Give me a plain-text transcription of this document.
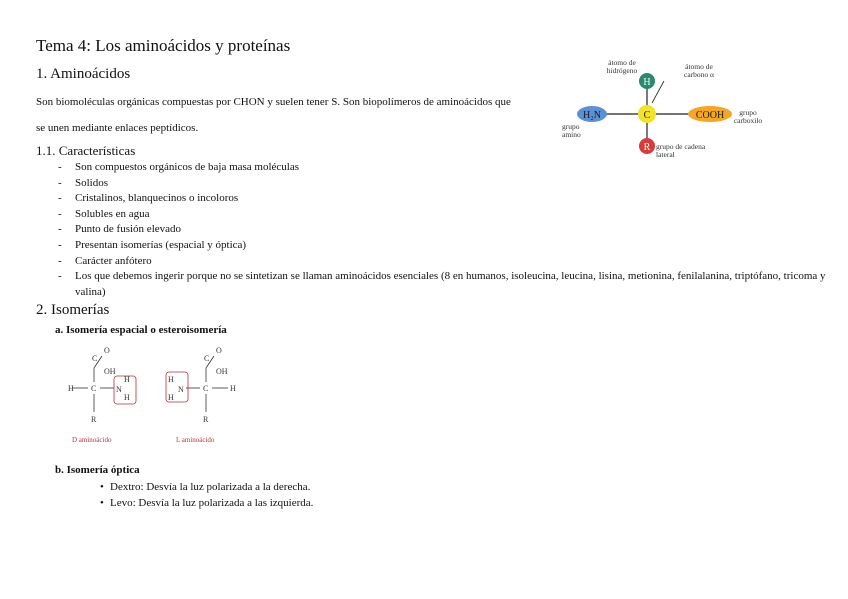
Tema 4: Los aminoácidos y proteínas
1. Aminoácidos
Son biomoléculas orgánicas compuestas por CHON y suelen tener S. Son biopolímeros de aminoácidos que
se unen mediante enlaces peptídicos.
H
C
H₂N	COOH
R
átomo de hidrógeno	átomo de carbono α
grupo amino
grupo carboxilo
grupo de cadena lateral
1.1. Características
- Son compuestos orgánicos de baja masa moléculas
- Solidos
- Cristalinos, blanquecinos o incoloros
- Solubles en agua
- Punto de fusión elevado
- Presentan isomerías (espacial y óptica)
- Carácter anfótero
- Los que debemos ingerir porque no se sintetizan se llaman aminoácidos esenciales (8 en humanos, isoleucina, leucina, lisina, metionina, fenilalanina, triptófano, tricoma y valina)
2. Isomerías
a. Isomería espacial o esteroisomería
H C
C
O
OH
N
H
H
R
C
C
O
OH
H
N
H
H
R
D aminoácido	L aminoácido
b. Isomería óptica
• Dextro: Desvía la luz polarizada a la derecha.
• Levo: Desvía la luz polarizada a las izquierda.
